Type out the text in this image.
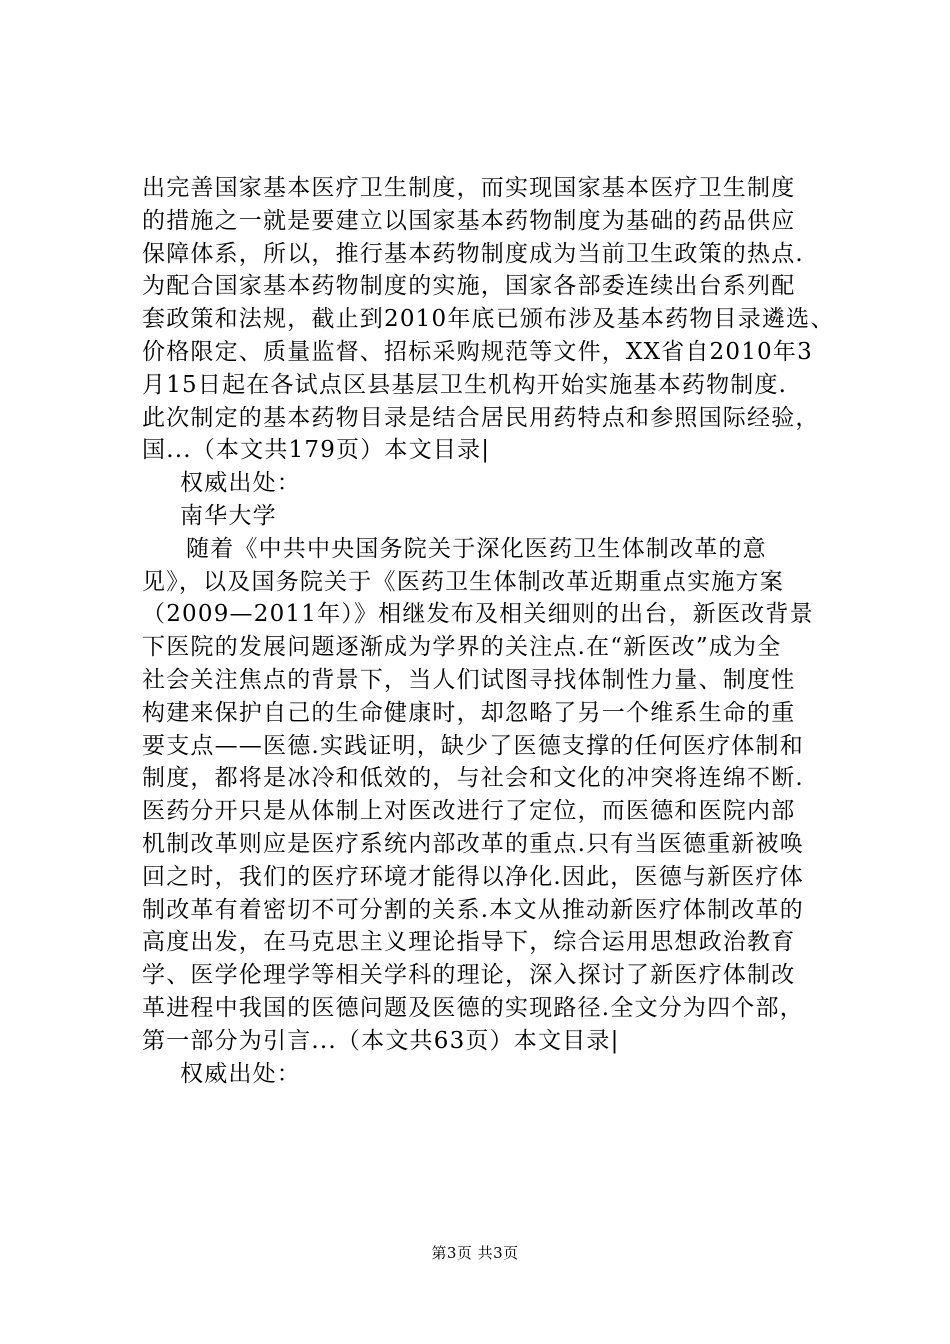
出完善国家基本医疗卫生制度，而实现国家基本医疗卫生制度
的措施之一就是要建立以国家基本药物制度为基础的药品供应
保障体系，所以，推行基本药物制度成为当前卫生政策的热点.
为配合国家基本药物制度的实施，国家各部委连续出台系列配
套政策和法规，截止到2010年底已颁布涉及基本药物目录遴选、
价格限定、质量监督、招标采购规范等文件，XX省自2010年3
月15日起在各试点区县基层卫生机构开始实施基本药物制度.
此次制定的基本药物目录是结合居民用药特点和参照国际经验，
国...（本文共179页）本文目录|
权威出处：
南华大学
随着《中共中央国务院关于深化医药卫生体制改革的意
见》，以及国务院关于《医药卫生体制改革近期重点实施方案
（2009—2011年）》相继发布及相关细则的出台，新医改背景
下医院的发展问题逐渐成为学界的关注点.在“新医改”成为全
社会关注焦点的背景下，当人们试图寻找体制性力量、制度性
构建来保护自己的生命健康时，却忽略了另一个维系生命的重
要支点——医德.实践证明，缺少了医德支撑的任何医疗体制和
制度，都将是冰冷和低效的，与社会和文化的冲突将连绵不断.
医药分开只是从体制上对医改进行了定位，而医德和医院内部
机制改革则应是医疗系统内部改革的重点.只有当医德重新被唤
回之时，我们的医疗环境才能得以净化.因此，医德与新医疗体
制改革有着密切不可分割的关系.本文从推动新医疗体制改革的
高度出发，在马克思主义理论指导下，综合运用思想政治教育
学、医学伦理学等相关学科的理论，深入探讨了新医疗体制改
革进程中我国的医德问题及医德的实现路径.全文分为四个部，
第一部分为引言...（本文共63页）本文目录|
权威出处：
第3页 共3页
